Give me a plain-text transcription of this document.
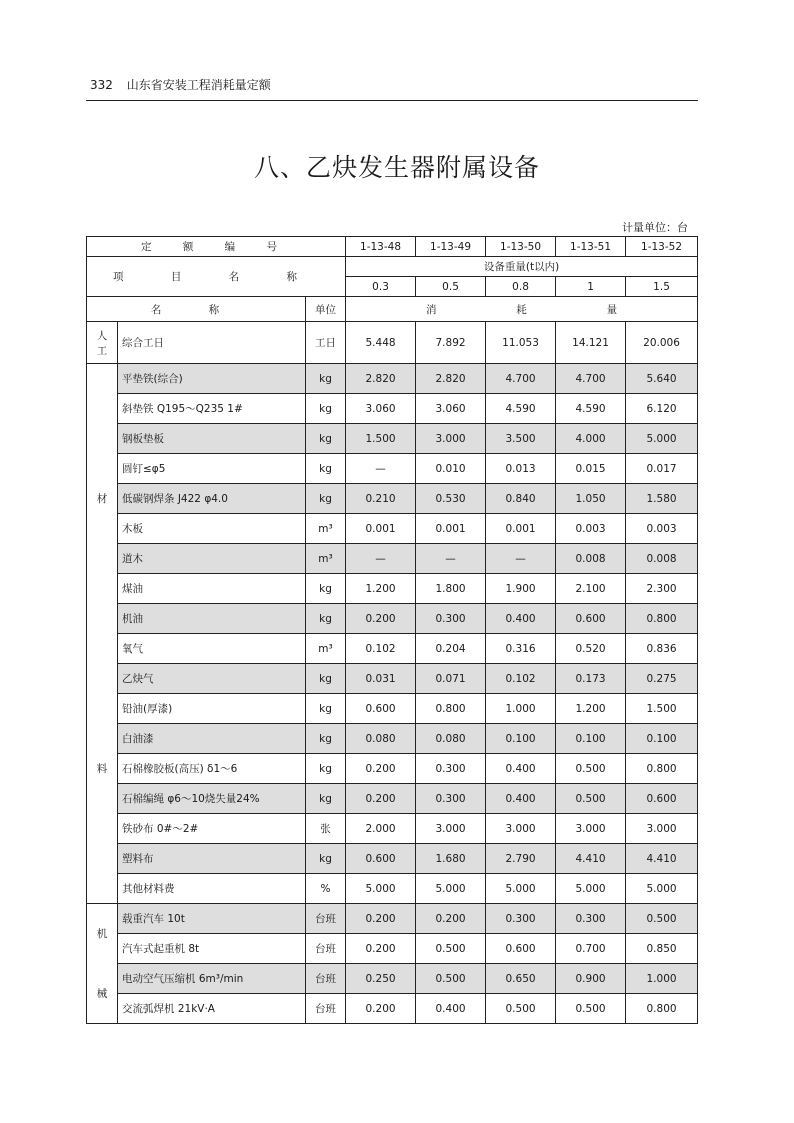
332 山东省安装工程消耗量定额
八、乙炔发生器附属设备
计量单位：台
定 额 编 号			1-13-48	1-13-49	1-13-50	1-13-51	1-13-52
项 目 名 称			设备重量(t以内)				
			0.3	0.5	0.8	1	1.5
名 称		单位	消 耗 量				

人
工	综合工日	工日	5.448	7.892	11.053	14.121	20.006

材
料	平垫铁(综合)	kg	2.820	2.820	4.700	4.700	5.640
	斜垫铁 Q195～Q235 1#	kg	3.060	3.060	4.590	4.590	6.120
	钢板垫板	kg	1.500	3.000	3.500	4.000	5.000
	圆钉≤φ5	kg	—	0.010	0.013	0.015	0.017
	低碳钢焊条 J422 φ4.0	kg	0.210	0.530	0.840	1.050	1.580
	木板	m³	0.001	0.001	0.001	0.003	0.003
	道木	m³	—	—	—	0.008	0.008
	煤油	kg	1.200	1.800	1.900	2.100	2.300
	机油	kg	0.200	0.300	0.400	0.600	0.800
	氧气	m³	0.102	0.204	0.316	0.520	0.836
	乙炔气	kg	0.031	0.071	0.102	0.173	0.275
	铅油(厚漆)	kg	0.600	0.800	1.000	1.200	1.500
	白油漆	kg	0.080	0.080	0.100	0.100	0.100
	石棉橡胶板(高压) δ1～6	kg	0.200	0.300	0.400	0.500	0.800
	石棉编绳 φ6～10烧失量24%	kg	0.200	0.300	0.400	0.500	0.600
	铁砂布 0#～2#	张	2.000	3.000	3.000	3.000	3.000
	塑料布	kg	0.600	1.680	2.790	4.410	4.410
	其他材料费	%	5.000	5.000	5.000	5.000	5.000

机
械	载重汽车 10t	台班	0.200	0.200	0.300	0.300	0.500
	汽车式起重机 8t	台班	0.200	0.500	0.600	0.700	0.850
	电动空气压缩机 6m³/min	台班	0.250	0.500	0.650	0.900	1.000
	交流弧焊机 21kV·A	台班	0.200	0.400	0.500	0.500	0.800
